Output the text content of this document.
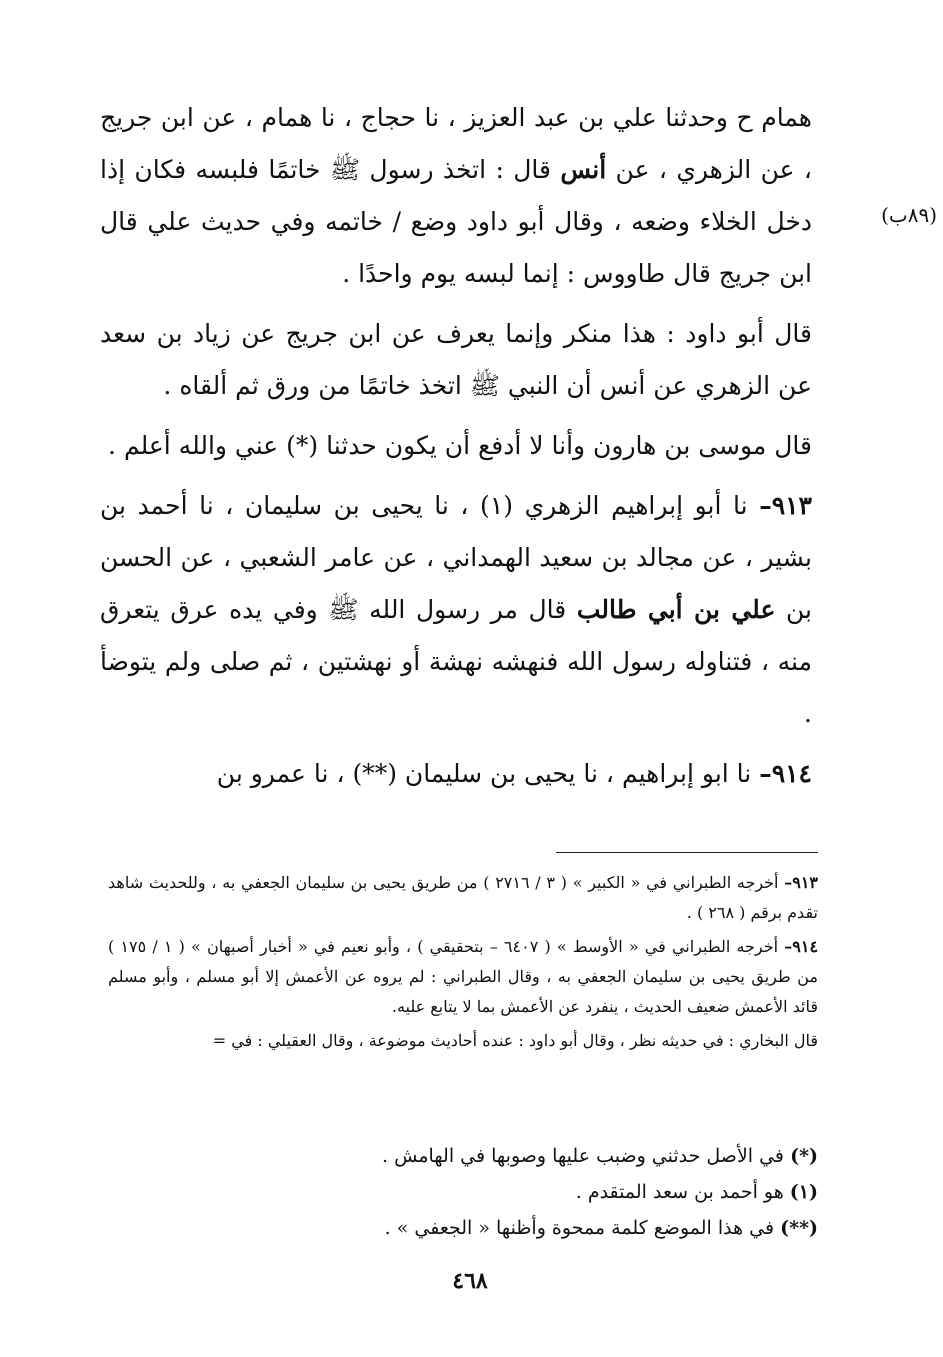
همام ح وحدثنا علي بن عبد العزيز ، نا حجاج ، نا همام ، عن ابن جريج ، عن الزهري ، عن أنس قال : اتخذ رسول ﷺ خاتمًا فلبسه فكان إذا دخل الخلاء وضعه ، وقال أبو داود وضع / خاتمه وفي حديث علي قال ابن جريج قال طاووس : إنما لبسه يوم واحدًا .

قال أبو داود : هذا منكر وإنما يعرف عن ابن جريج عن زياد بن سعد عن الزهري عن أنس أن النبي ﷺ اتخذ خاتمًا من ورق ثم ألقاه .

قال موسى بن هارون وأنا لا أدفع أن يكون حدثنا (*) عني والله أعلم .

٩١٣– نا أبو إبراهيم الزهري (١) ، نا يحيى بن سليمان ، نا أحمد بن بشير ، عن مجالد بن سعيد الهمداني ، عن عامر الشعبي ، عن الحسن بن علي بن أبي طالب قال مر رسول الله ﷺ وفي يده عرق يتعرق منه ، فتناوله رسول الله فنهشه نهشة أو نهشتين ، ثم صلى ولم يتوضأ .

٩١٤– نا ابو إبراهيم ، نا يحيى بن سليمان (**) ، نا عمرو بن

(٨٩ب)

٩١٣– أخرجه الطبراني في « الكبير » ( ٣ / ٢٧١٦ ) من طريق يحيى بن سليمان الجعفي به ، وللحديث شاهد تقدم برقم ( ٢٦٨ ) .

٩١٤– أخرجه الطبراني في « الأوسط » ( ٦٤٠٧ – بتحقيقي ) ، وأبو نعيم في « أخبار أصبهان » ( ١ / ١٧٥ ) من طريق يحيى بن سليمان الجعفي به ، وقال الطبراني : لم يروه عن الأعمش إلا أبو مسلم ، وأبو مسلم قائد الأعمش ضعيف الحديث ، ينفرد عن الأعمش بما لا يتابع عليه.

قال البخاري : في حديثه نظر ، وقال أبو داود : عنده أحاديث موضوعة ، وقال العقيلي : في =

(*) في الأصل حدثني وضبب عليها وصوبها في الهامش .

(١) هو أحمد بن سعد المتقدم .

(**) في هذا الموضع كلمة ممحوة وأظنها « الجعفي » .

٤٦٨
